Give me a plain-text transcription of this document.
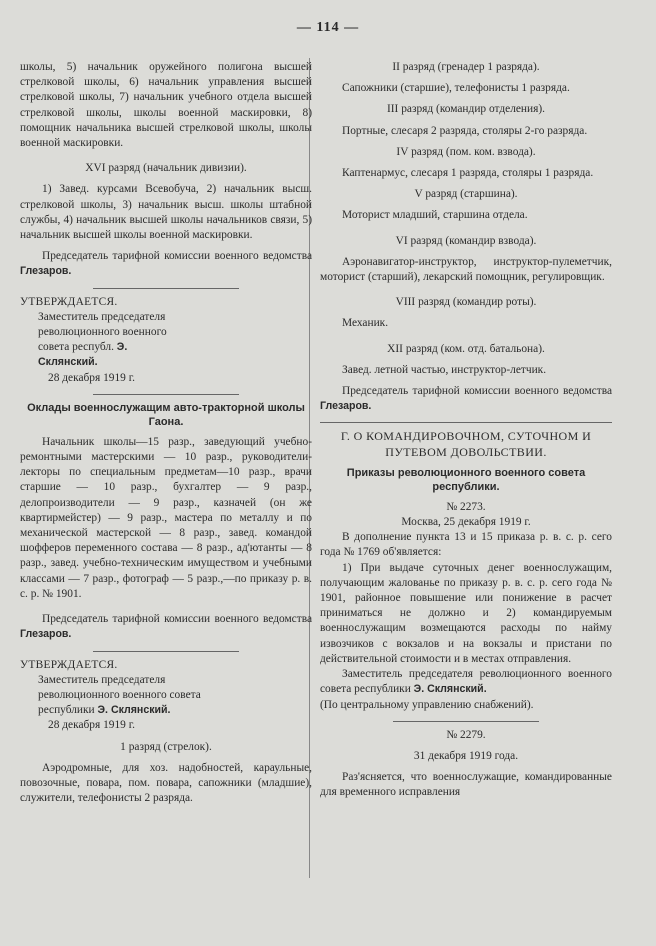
— 114 —

школы, 5) начальник оружейного полигона высшей стрелковой школы, 6) начальник управления высшей стрелковой школы, 7) начальник учебного отдела высшей стрелковой школы, школы военной маскировки, 8) помощник начальника высшей стрелковой школы, школы военной маскировки.

XVI разряд (начальник дивизии).

1) Завед. курсами Всевобуча, 2) начальник высш. стрелковой школы, 3) начальник высш. школы штабной службы, 4) начальник высшей школы начальников связи, 5) начальник высшей школы военной маскировки.

Председатель тарифной комиссии военного ведомства Глезаров.

УТВЕРЖДАЕТСЯ.

Заместитель председателя революционного военного совета республ. Э. Склянский.

28 декабря 1919 г.

Оклады военнослужащим авто-тракторной школы Гаона.

Начальник школы—15 разр., заведующий учебно-ремонтными мастерскими — 10 разр., руководители-лекторы по специальным предметам—10 разр., врачи старшие — 10 разр., бухгалтер — 9 разр., делопроизводители — 9 разр., казначей (он же квартирмейстер) — 9 разр., мастера по металлу и по механической мастерской — 8 разр., завед. командой шофферов переменного состава — 8 разр., ад'ютанты — 8 разр., завед. учебно-техническим имуществом и учебными классами — 7 разр., фотограф — 5 разр.,—по приказу р. в. с. р. № 1901.

Председатель тарифной комиссии военного ведомства Глезаров.

УТВЕРЖДАЕТСЯ.

Заместитель председателя революционного военного совета республики Э. Склянский.

28 декабря 1919 г.

1 разряд (стрелок).

Аэродромные, для хоз. надобностей, караульные, повозочные, повара, пом. повара, сапожники (младшие), служители, телефонисты 2 разряда.

II разряд (гренадер 1 разряда).

Сапожники (старшие), телефонисты 1 разряда.

III разряд (командир отделения).

Портные, слесаря 2 разряда, столяры 2-го разряда.

IV разряд (пом. ком. взвода).

Каптенармус, слесаря 1 разряда, столяры 1 разряда.

V разряд (старшина).

Моторист младший, старшина отдела.

VI разряд (командир взвода).

Аэронавигатор-инструктор, инструктор-пулеметчик, моторист (старший), лекарский помощник, регулировщик.

VIII разряд (командир роты).

Механик.

XII разряд (ком. отд. батальона).

Завед. летной частью, инструктор-летчик.

Председатель тарифной комиссии военного ведомства Глезаров.

Г. О КОМАНДИРОВОЧНОМ, СУТОЧНОМ И ПУТЕВОМ ДОВОЛЬСТВИИ.

Приказы революционного военного совета республики.

№ 2273.

Москва, 25 декабря 1919 г.

В дополнение пункта 13 и 15 приказа р. в. с. р. сего года № 1769 об'является:

1) При выдаче суточных денег военнослужащим, получающим жалованье по приказу р. в. с. р. сего года № 1901, районное повышение или понижение в расчет приниматься не должно и 2) командируемым военнослужащим возмещаются расходы по найму извозчиков с вокзалов и на вокзалы и пристани по действительной стоимости и в местах отправления.

Заместитель председателя революционного военного совета республики Э. Склянский.

(По центральному управлению снабжений).

№ 2279.

31 декабря 1919 года.

Раз'ясняется, что военнослужащие, командированные для временного исправления
